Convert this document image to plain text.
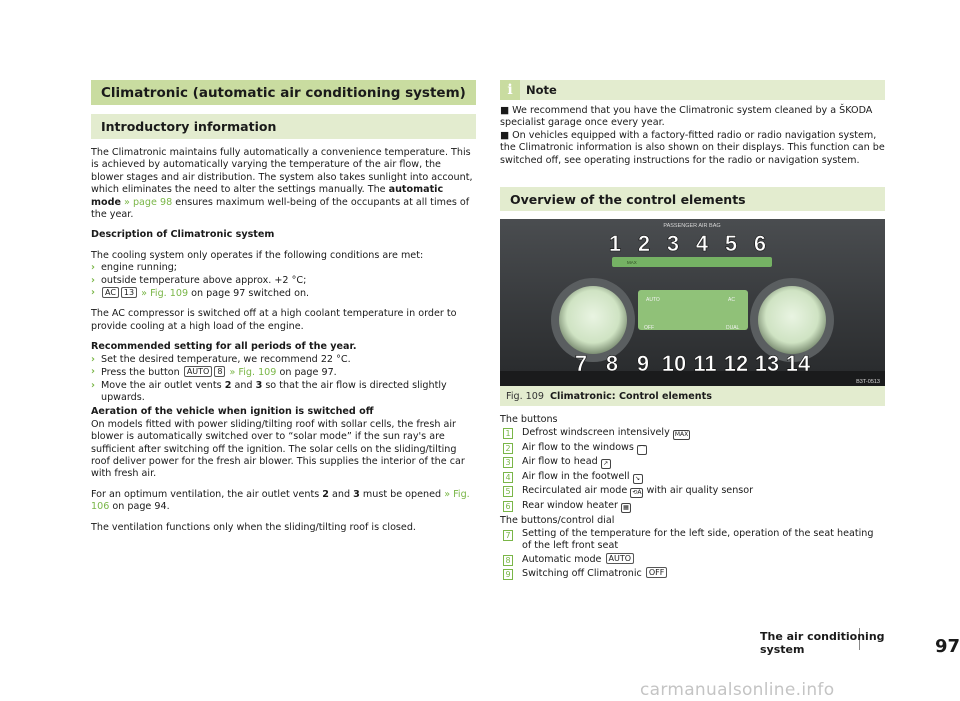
Climatronic (automatic air conditioning system)
Introductory information

The Climatronic maintains fully automatically a convenience temperature. This is achieved by automatically varying the temperature of the air flow, the blower stages and air distribution. The system also takes sunlight into account, which eliminates the need to alter the settings manually. The automatic mode » page 98 ensures maximum well-being of the occupants at all times of the year.

Description of Climatronic system

The cooling system only operates if the following conditions are met:

› engine running;
› outside temperature above approx. +2 °C;
› AC 13 » Fig. 109 on page 97 switched on.

The AC compressor is switched off at a high coolant temperature in order to provide cooling at a high load of the engine.

Recommended setting for all periods of the year.

› Set the desired temperature, we recommend 22 °C.
› Press the button AUTO 8 » Fig. 109 on page 97.
› Move the air outlet vents 2 and 3 so that the air flow is directed slightly upwards.

Aeration of the vehicle when ignition is switched off

On models fitted with power sliding/tilting roof with sollar cells, the fresh air blower is automatically switched over to “solar mode” if the sun ray's are sufficient after switching off the ignition. The solar cells on the sliding/tilting roof deliver power for the fresh air blower. This supplies the interior of the car with fresh air.

For an optimum ventilation, the air outlet vents 2 and 3 must be opened » Fig. 106 on page 94.

The ventilation functions only when the sliding/tilting roof is closed.

i	Note

■ We recommend that you have the Climatronic system cleaned by a ŠKODA specialist garage once every year.

■ On vehicles equipped with a factory-fitted radio or radio navigation system, the Climatronic information is also shown on their displays. This function can be switched off, see operating instructions for the radio or navigation system.

Overview of the control elements
PASSENGER AIR BAG
MAX
AUTO	AC
OFF	DUAL
B3T-0513
1 2 3 4 5 6
7 8 9 10 11 12 13 14
Fig. 109 Climatronic: Control elements

The buttons

1 Defrost windscreen intensively MAX
2 Air flow to the windows ⌒
3 Air flow to head ↗
4 Air flow in the footwell ↘
5 Recirculated air mode ⟲A with air quality sensor
6 Rear window heater ▦

The buttons/control dial

7 Setting of the temperature for the left side, operation of the seat heating of the left front seat
8 Automatic mode AUTO
9 Switching off Climatronic OFF
The air conditioning system	97
carmanualsonline.info
